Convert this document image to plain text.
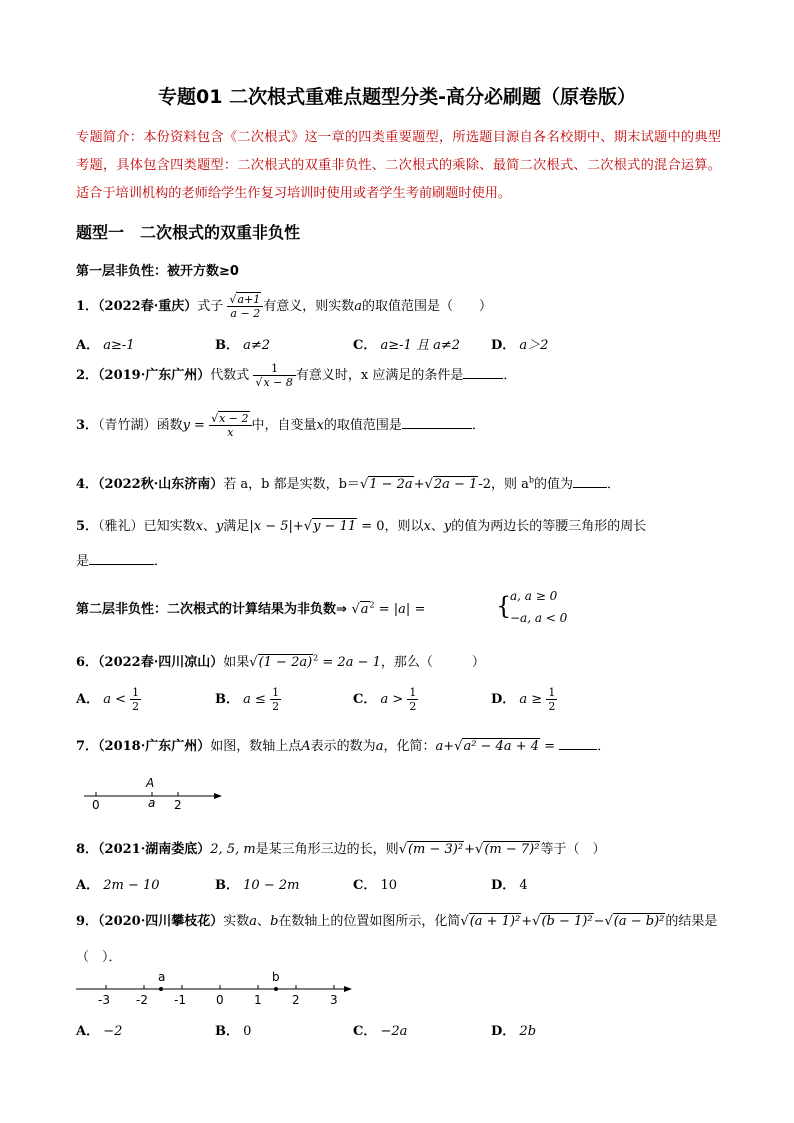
专题01 二次根式重难点题型分类-高分必刷题（原卷版）
专题简介：本份资料包含《二次根式》这一章的四类重要题型，所选题目源自各名校期中、期末试题中的典型考题，具体包含四类题型：二次根式的双重非负性、二次根式的乘除、最简二次根式、二次根式的混合运算。适合于培训机构的老师给学生作复习培训时使用或者学生考前刷题时使用。
题型一　二次根式的双重非负性
第一层非负性：被开方数≥0
1．（2022春·重庆）式子 $\frac{√a+1}{a - 2}$ 有意义，则实数a的取值范围是（　　）
A． a≥-1	B． a≠2	C． a≥-1 且 a≠2 D． a＞2
2．（2019·广东广州）代数式 $\frac{1}{√x - 8}$ 有意义时，x 应满足的条件是	．
3．（青竹湖）函数$y = \frac{√x - 2}{x}$ 中，自变量x的取值范围是	．
4．（2022秋·山东济南）若 a，b 都是实数，b＝√1 − 2a+√2a − 1-2，则 $a^b$的值为	．
5．（雅礼）已知实数x、y满足|x − 5|+√y − 11 = 0，则以x、y的值为两边长的等腰三角形的周长
是	．
第二层非负性：二次根式的计算结果为非负数⇒ $√a^2 = |a|$ =	{
a, a ≥ 0
−a, a < 0
6．（2022春·四川凉山）如果$√(1 - 2a)^2 = 2a - 1$，那么（　　　）
A． $a < \frac{1}{2}$	B． $a \le \frac{1}{2}$	C． $a > \frac{1}{2}$	D． $a \ge \frac{1}{2}$
7．（2018·广东广州）如图，数轴上点A表示的数为a，化简：a+√a² − 4a + 4 =	．
0	a 2
A
8．（2021·湖南娄底）2, 5, m是某三角形三边的长，则√(m − 3)²+√(m − 7)²等于（　）
A． 2m − 10	B． 10 − 2m	C． 10	D． 4
9．（2020·四川攀枝花）实数a、b在数轴上的位置如图所示，化简√(a + 1)²+√(b − 1)²−√(a − b)²的结果是
（　）．
-3 -2 -1	0	1	2	3
a	b
A． −2	B． 0	C． −2a	D． 2b
